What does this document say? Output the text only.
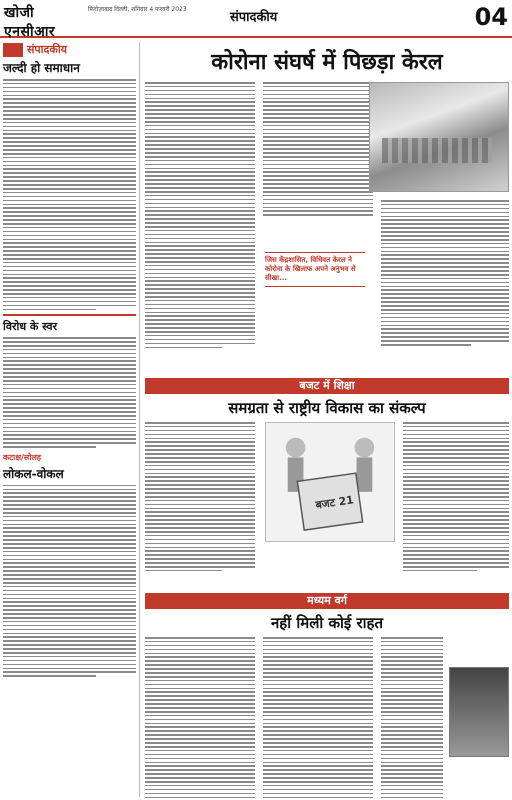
खोजी एनसीआर
फ़िरोज़ाबाद दिल्ली, शनिवार 4 फरवरी 2023
संपादकीय	04
संपादकीय
जल्दी हो समाधान
विरोध के स्वर
कटाक्ष/सोलह
लोकल-वोकल
कोरोना संघर्ष में पिछड़ा केरल
जिस केंद्रशासित, विधिवत केरल ने कोरोना के खिलाफ अपने अनुभव से सीखा...
बजट में शिक्षा
समग्रता से राष्ट्रीय विकास का संकल्प
बजट 21
मध्यम वर्ग
नहीं मिली कोई राहत
